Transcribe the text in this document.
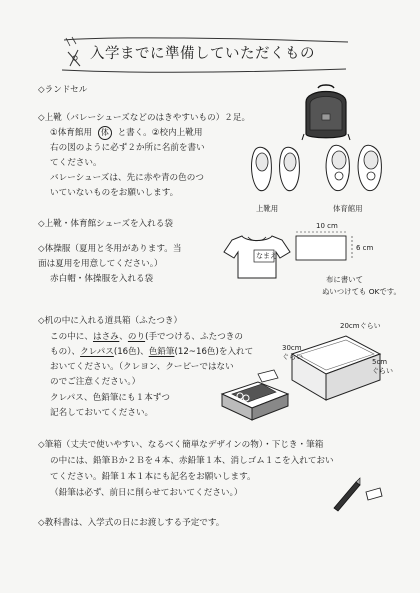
入学までに準備していただくもの
◇ランドセル
◇上靴（バレーシューズなどのはきやすいもの）２足。
①体育館用 体 と書く。②校内上靴用
右の図のように必ず２か所に名前を書い
てください。
バレーシューズは、先に赤や青の色のつ
いていないものをお願いします。
上靴用	体育館用
◇上靴・体育館シューズを入れる袋
◇体操服（夏用と冬用があります。当
面は夏用を用意してください。）
赤白帽・体操服を入れる袋
なまえ
10 cm
6 cm
布に書いて
ぬいつけても OKです。
◇机の中に入れる道具箱（ふたつき）
この中に、はさみ、のり(手でつける、ふたつきの
もの）、クレパス(16色)、色鉛筆(12~16色)を入れて
おいてください。（クレヨン、クーピーではない
のでご注意ください。）
クレパス、色鉛筆にも１本ずつ
記名しておいてください。
20cmぐらい
30cm
ぐらい
5cm
ぐらい
◇筆箱（丈夫で使いやすい、なるべく簡単なデザインの物）・下じき・筆箱
の中には、鉛筆Ｂか２Ｂを４本、赤鉛筆１本、消しゴム１こを入れておい
てください。鉛筆１本１本にも記名をお願いします。
（鉛筆は必ず、前日に削らせておいてください。）
◇教科書は、入学式の日にお渡しする予定です。
